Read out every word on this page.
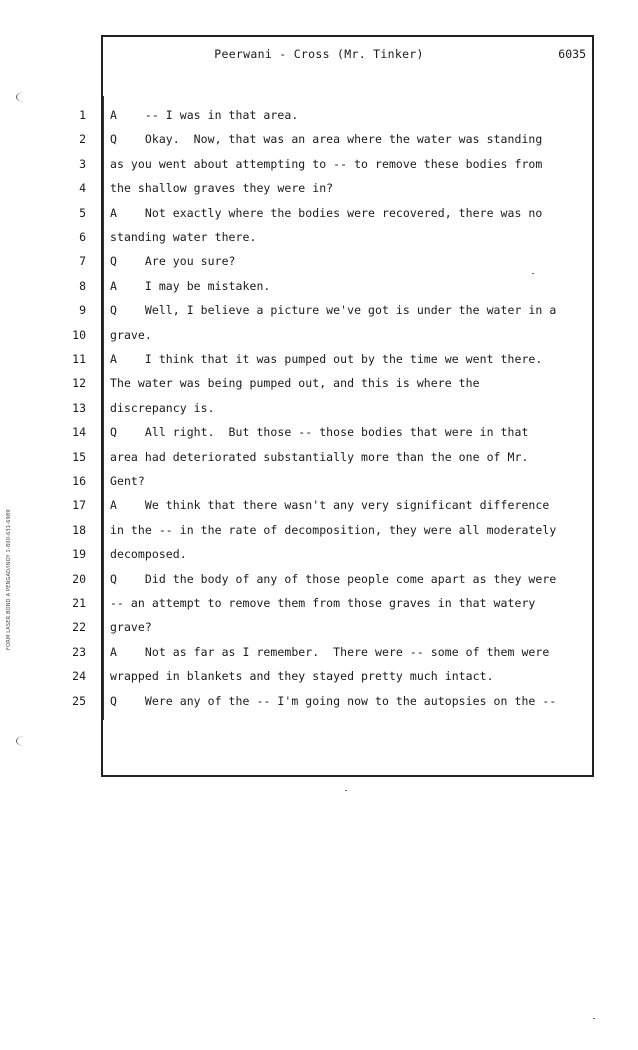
Peerwani - Cross (Mr. Tinker)	6035
1 A    -- I was in that area.
2 Q    Okay.  Now, that was an area where the water was standing
3 as you went about attempting to -- to remove these bodies from
4 the shallow graves they were in?
5 A    Not exactly where the bodies were recovered, there was no
6 standing water there.
7 Q    Are you sure?
8 A    I may be mistaken.
9 Q    Well, I believe a picture we've got is under the water in a
10 grave.
11 A    I think that it was pumped out by the time we went there.
12 The water was being pumped out, and this is where the
13 discrepancy is.
14 Q    All right.  But those -- those bodies that were in that
15 area had deteriorated substantially more than the one of Mr.
16 Gent?
17 A    We think that there wasn't any very significant difference
18 in the -- in the rate of decomposition, they were all moderately
19 decomposed.
20 Q    Did the body of any of those people come apart as they were
21 -- an attempt to remove them from those graves in that watery
22 grave?
23 A    Not as far as I remember.  There were -- some of them were
24 wrapped in blankets and they stayed pretty much intact.
25 Q    Were any of the -- I'm going now to the autopsies on the --
FORM LASER BOND A PENGAD/INDY 1-800-631-6989
